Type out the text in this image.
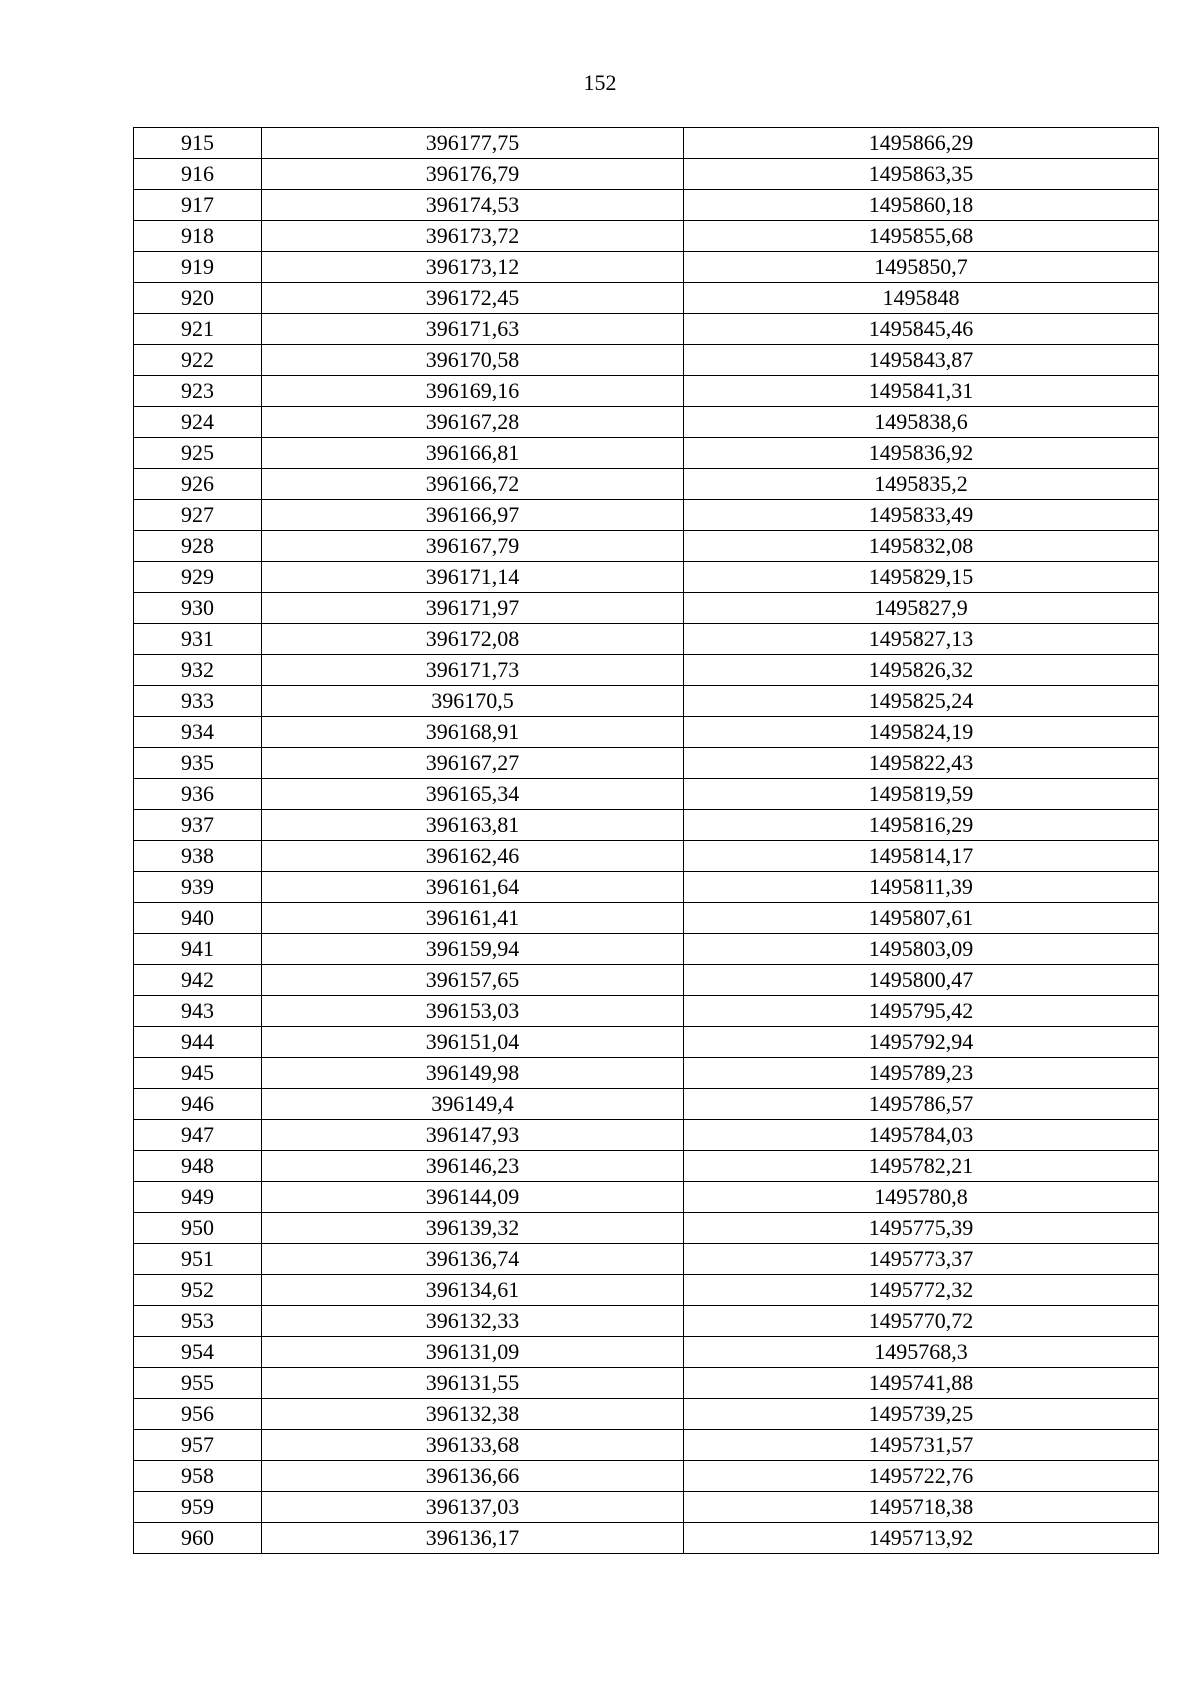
152
915	396177,75	1495866,29
916	396176,79	1495863,35
917	396174,53	1495860,18
918	396173,72	1495855,68
919	396173,12	1495850,7
920	396172,45	1495848
921	396171,63	1495845,46
922	396170,58	1495843,87
923	396169,16	1495841,31
924	396167,28	1495838,6
925	396166,81	1495836,92
926	396166,72	1495835,2
927	396166,97	1495833,49
928	396167,79	1495832,08
929	396171,14	1495829,15
930	396171,97	1495827,9
931	396172,08	1495827,13
932	396171,73	1495826,32
933	396170,5	1495825,24
934	396168,91	1495824,19
935	396167,27	1495822,43
936	396165,34	1495819,59
937	396163,81	1495816,29
938	396162,46	1495814,17
939	396161,64	1495811,39
940	396161,41	1495807,61
941	396159,94	1495803,09
942	396157,65	1495800,47
943	396153,03	1495795,42
944	396151,04	1495792,94
945	396149,98	1495789,23
946	396149,4	1495786,57
947	396147,93	1495784,03
948	396146,23	1495782,21
949	396144,09	1495780,8
950	396139,32	1495775,39
951	396136,74	1495773,37
952	396134,61	1495772,32
953	396132,33	1495770,72
954	396131,09	1495768,3
955	396131,55	1495741,88
956	396132,38	1495739,25
957	396133,68	1495731,57
958	396136,66	1495722,76
959	396137,03	1495718,38
960	396136,17	1495713,92
